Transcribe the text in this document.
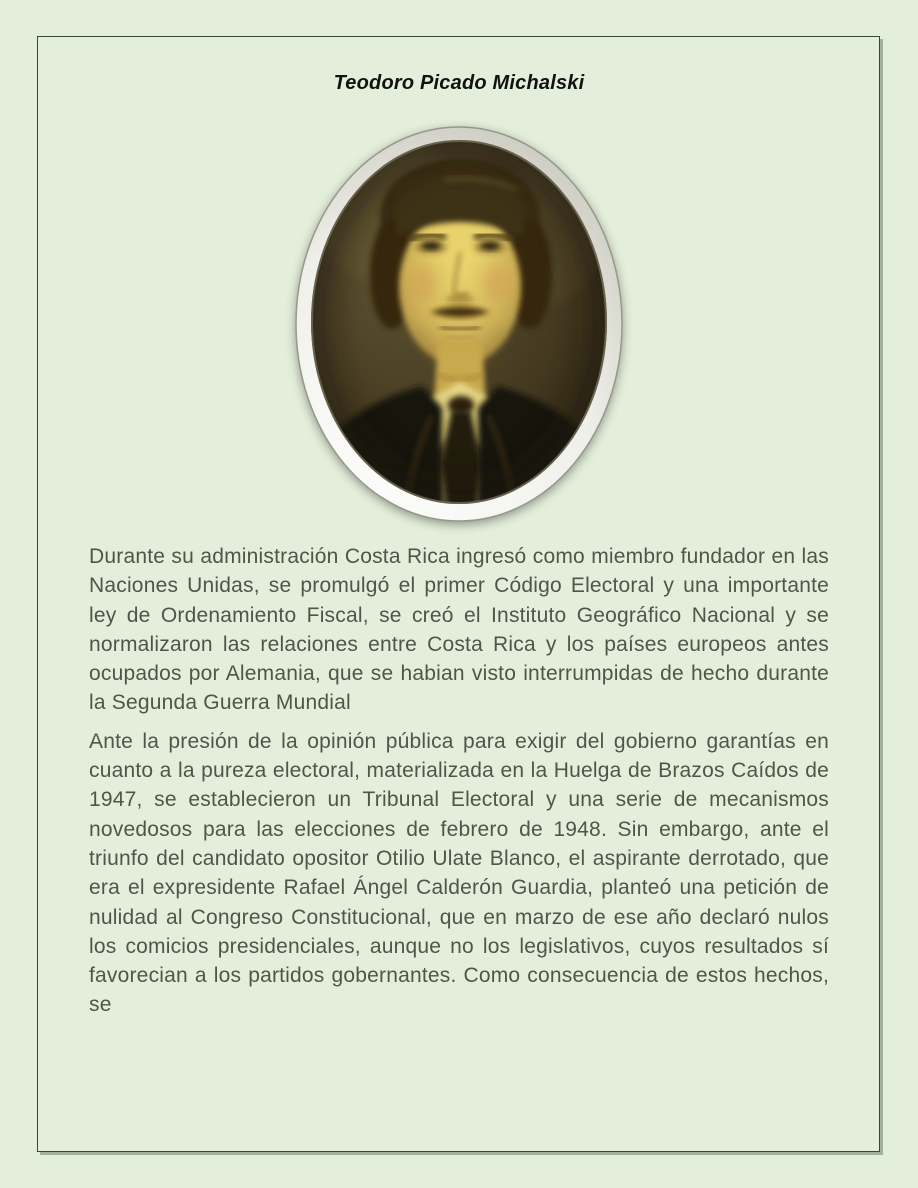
Teodoro Picado Michalski

Durante su administración Costa Rica ingresó como miembro fundador en las Naciones Unidas, se promulgó el primer Código Electoral y una importante ley de Ordenamiento Fiscal, se creó el Instituto Geográfico Nacional y se normalizaron las relaciones entre Costa Rica y los países europeos antes ocupados por Alemania, que se habian visto interrumpidas de hecho durante la Segunda Guerra Mundial

Ante la presión de la opinión pública para exigir del gobierno garantías en cuanto a la pureza electoral, materializada en la Huelga de Brazos Caídos de 1947, se establecieron un Tribunal Electoral y una serie de mecanismos novedosos para las elecciones de febrero de 1948. Sin embargo, ante el triunfo del candidato opositor Otilio Ulate Blanco, el aspirante derrotado, que era el expresidente Rafael Ángel Calderón Guardia, planteó una petición de nulidad al Congreso Constitucional, que en marzo de ese año declaró nulos los comicios presidenciales, aunque no los legislativos, cuyos resultados sí favorecian a los partidos gobernantes. Como consecuencia de estos hechos, se
